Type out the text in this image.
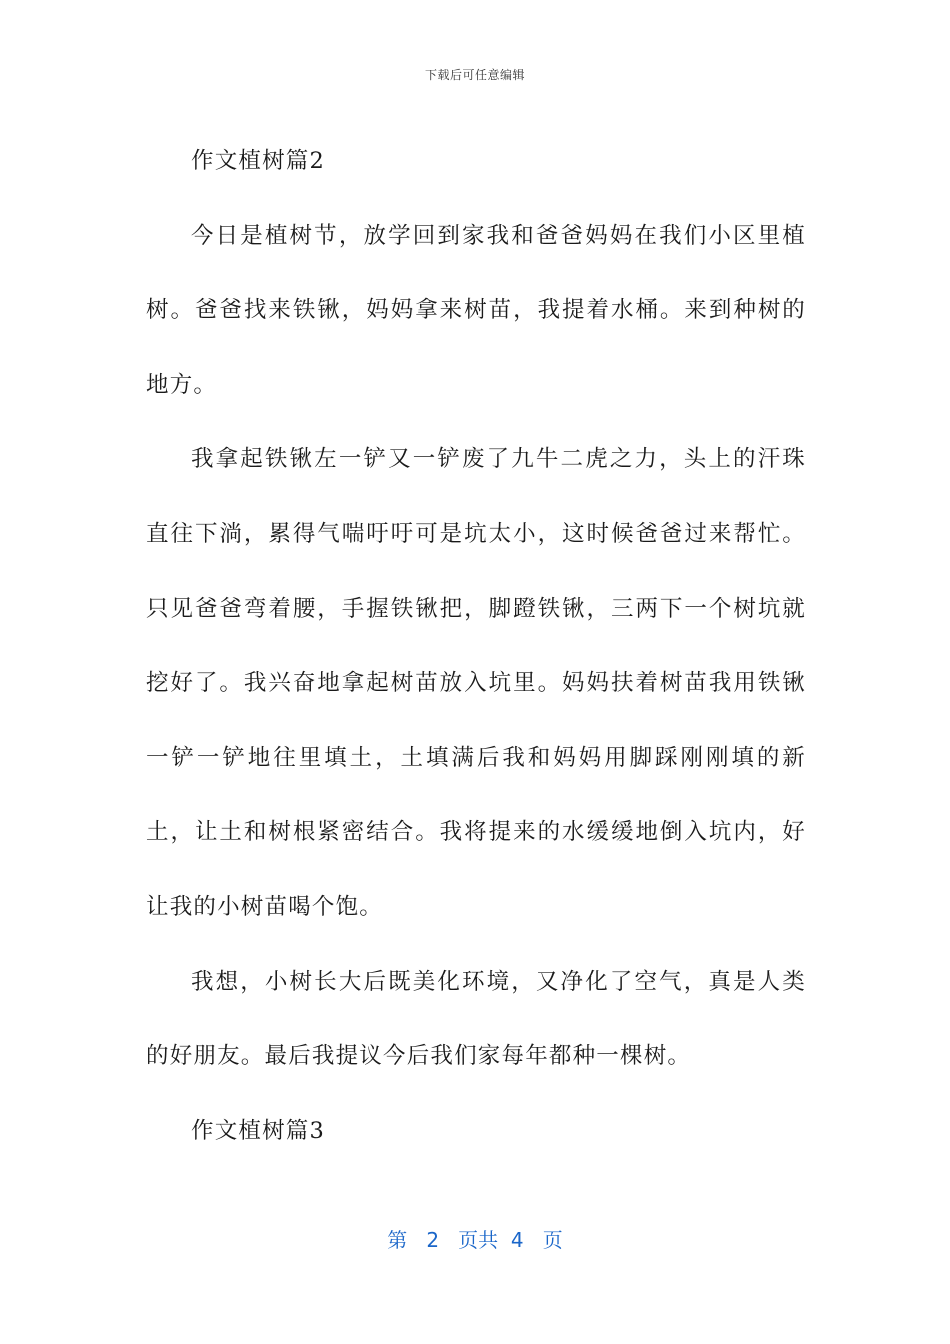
下载后可任意编辑

作文植树篇2

今日是植树节，放学回到家我和爸爸妈妈在我们小区里植树。爸爸找来铁锹，妈妈拿来树苗，我提着水桶。来到种树的地方。

我拿起铁锹左一铲又一铲废了九牛二虎之力，头上的汗珠直往下淌，累得气喘吁吁可是坑太小，这时候爸爸过来帮忙。只见爸爸弯着腰，手握铁锹把，脚蹬铁锹，三两下一个树坑就挖好了。我兴奋地拿起树苗放入坑里。妈妈扶着树苗我用铁锹一铲一铲地往里填土，土填满后我和妈妈用脚踩刚刚填的新土，让土和树根紧密结合。我将提来的水缓缓地倒入坑内，好让我的小树苗喝个饱。

我想，小树长大后既美化环境，又净化了空气，真是人类的好朋友。最后我提议今后我们家每年都种一棵树。

作文植树篇3

第 2 页共 4 页
